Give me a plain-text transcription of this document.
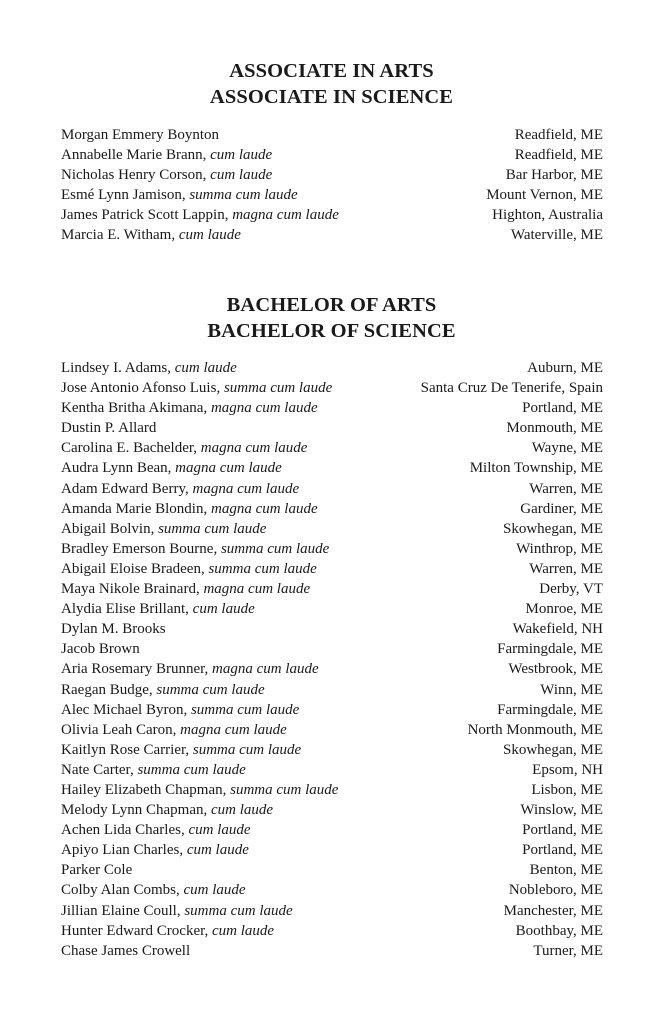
ASSOCIATE IN ARTS
ASSOCIATE IN SCIENCE
Morgan Emmery Boynton	Readfield, ME
Annabelle Marie Brann, cum laude	Readfield, ME
Nicholas Henry Corson, cum laude	Bar Harbor, ME
Esmé Lynn Jamison, summa cum laude	Mount Vernon, ME
James Patrick Scott Lappin, magna cum laude	Highton, Australia
Marcia E. Witham, cum laude	Waterville, ME
BACHELOR OF ARTS
BACHELOR OF SCIENCE
Lindsey I. Adams, cum laude	Auburn, ME
Jose Antonio Afonso Luis, summa cum laude	Santa Cruz De Tenerife, Spain
Kentha Britha Akimana, magna cum laude	Portland, ME
Dustin P. Allard	Monmouth, ME
Carolina E. Bachelder, magna cum laude	Wayne, ME
Audra Lynn Bean, magna cum laude	Milton Township, ME
Adam Edward Berry, magna cum laude	Warren, ME
Amanda Marie Blondin, magna cum laude	Gardiner, ME
Abigail Bolvin, summa cum laude	Skowhegan, ME
Bradley Emerson Bourne, summa cum laude	Winthrop, ME
Abigail Eloise Bradeen, summa cum laude	Warren, ME
Maya Nikole Brainard, magna cum laude	Derby, VT
Alydia Elise Brillant, cum laude	Monroe, ME
Dylan M. Brooks	Wakefield, NH
Jacob Brown	Farmingdale, ME
Aria Rosemary Brunner, magna cum laude	Westbrook, ME
Raegan Budge, summa cum laude	Winn, ME
Alec Michael Byron, summa cum laude	Farmingdale, ME
Olivia Leah Caron, magna cum laude	North Monmouth, ME
Kaitlyn Rose Carrier, summa cum laude	Skowhegan, ME
Nate Carter, summa cum laude	Epsom, NH
Hailey Elizabeth Chapman, summa cum laude	Lisbon, ME
Melody Lynn Chapman, cum laude	Winslow, ME
Achen Lida Charles, cum laude	Portland, ME
Apiyo Lian Charles, cum laude	Portland, ME
Parker Cole	Benton, ME
Colby Alan Combs, cum laude	Nobleboro, ME
Jillian Elaine Coull, summa cum laude	Manchester, ME
Hunter Edward Crocker, cum laude	Boothbay, ME
Chase James Crowell	Turner, ME
